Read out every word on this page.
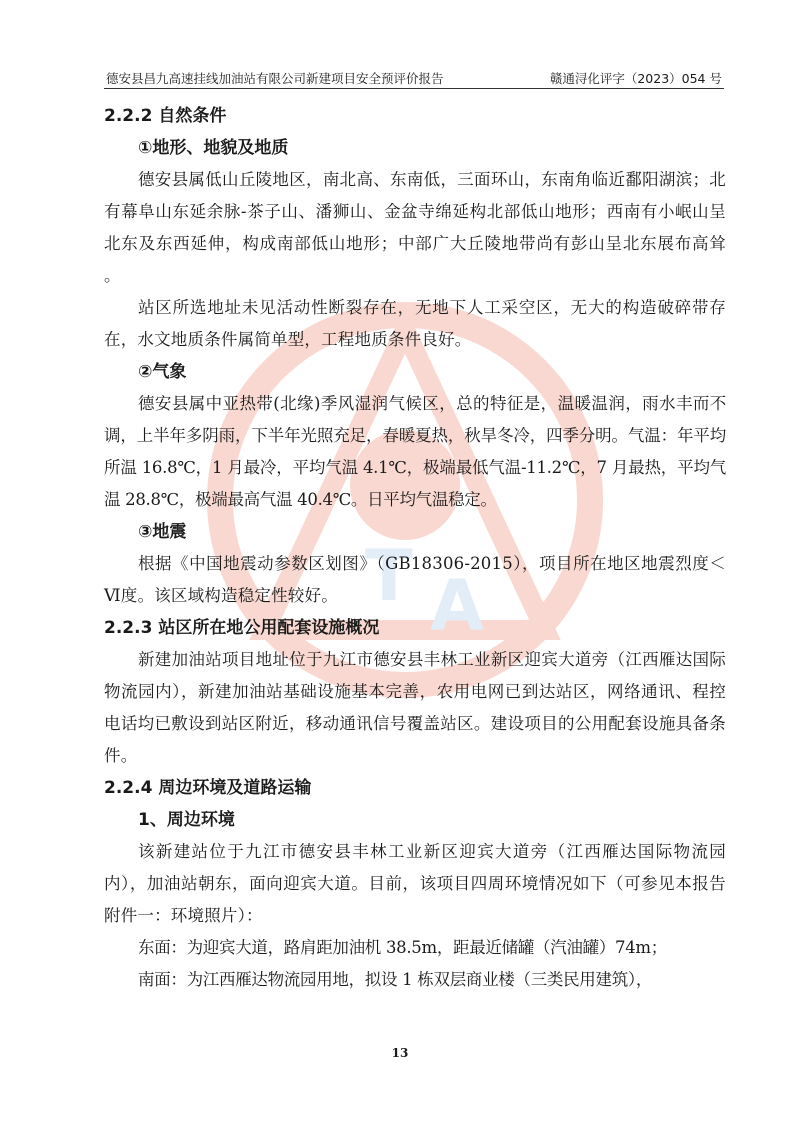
德安县昌九高速挂线加油站有限公司新建项目安全预评价报告	赣通浔化评字（2023）054 号
T A
2.2.2 自然条件
①地形、地貌及地质
德安县属低山丘陵地区，南北高、东南低，三面环山，东南角临近鄱阳湖滨；北有幕阜山东延余脉-茶子山、潘狮山、金盆寺绵延构北部低山地形；西南有小岷山呈北东及东西延伸，构成南部低山地形；中部广大丘陵地带尚有彭山呈北东展布高耸 。
站区所选地址未见活动性断裂存在，无地下人工采空区，无大的构造破碎带存在，水文地质条件属简单型，工程地质条件良好。
②气象
德安县属中亚热带(北缘)季风湿润气候区，总的特征是，温暖温润，雨水丰而不调，上半年多阴雨，下半年光照充足，春暖夏热，秋旱冬冷，四季分明。气温：年平均所温 16.8℃，1 月最冷，平均气温 4.1℃，极端最低气温-11.2℃，7 月最热，平均气温 28.8℃，极端最高气温 40.4℃。日平均气温稳定。
③地震
根据《中国地震动参数区划图》（GB18306-2015），项目所在地区地震烈度＜Ⅵ度。该区域构造稳定性较好。
2.2.3 站区所在地公用配套设施概况
新建加油站项目地址位于九江市德安县丰林工业新区迎宾大道旁（江西雁达国际物流园内），新建加油站基础设施基本完善，农用电网已到达站区，网络通讯、程控电话均已敷设到站区附近，移动通讯信号覆盖站区。建设项目的公用配套设施具备条件。
2.2.4 周边环境及道路运输
1、周边环境
该新建站位于九江市德安县丰林工业新区迎宾大道旁（江西雁达国际物流园内），加油站朝东，面向迎宾大道。目前，该项目四周环境情况如下（可参见本报告附件一：环境照片）：
东面：为迎宾大道，路肩距加油机 38.5m，距最近储罐（汽油罐）74m；
南面：为江西雁达物流园用地，拟设 1 栋双层商业楼（三类民用建筑），
13
